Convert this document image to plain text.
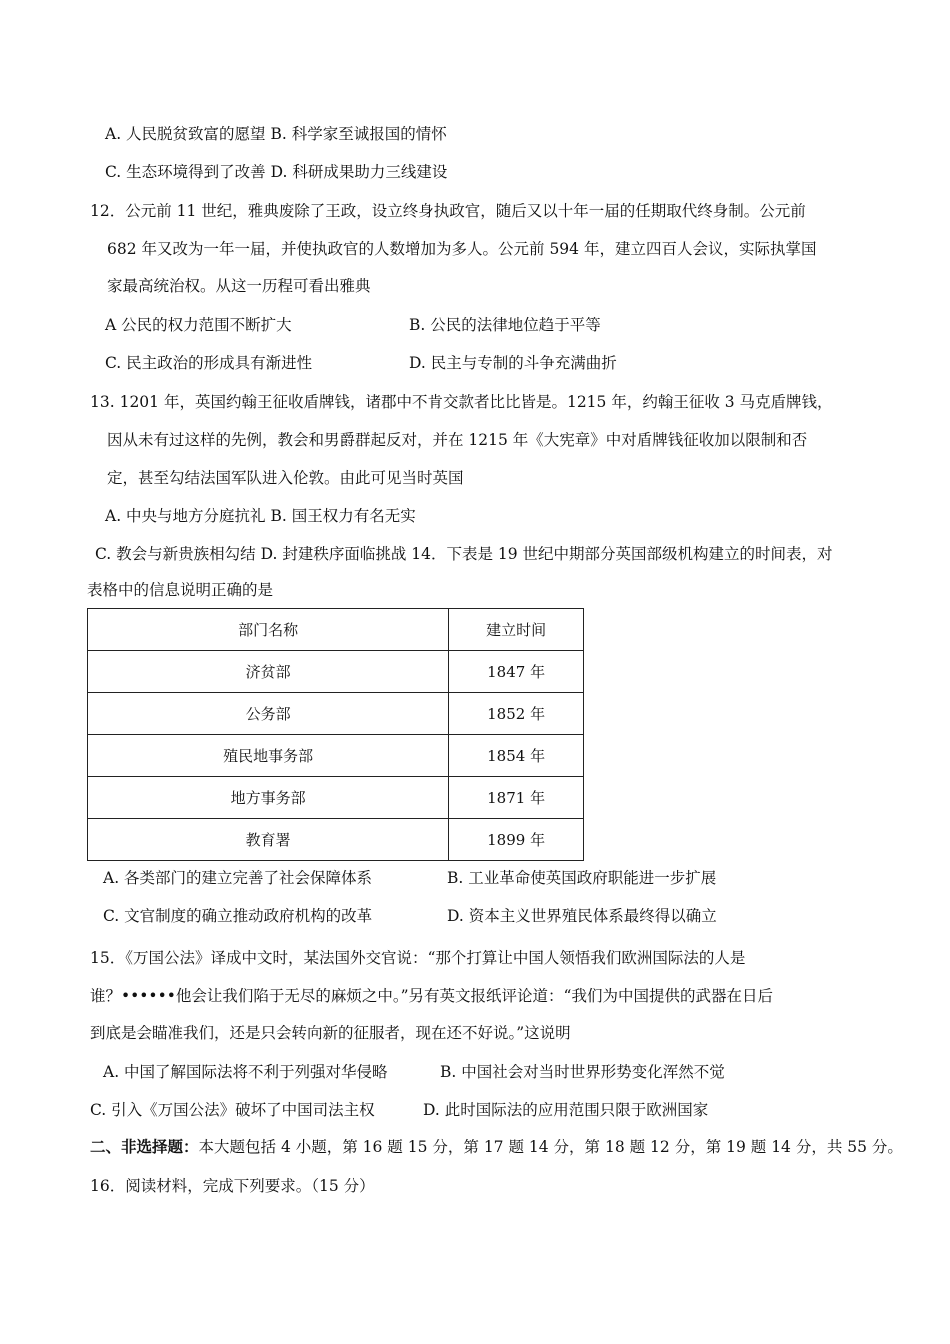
A. 人民脱贫致富的愿望 B. 科学家至诚报国的情怀
C. 生态环境得到了改善 D. 科研成果助力三线建设
12．公元前 11 世纪，雅典废除了王政，设立终身执政官，随后又以十年一届的任期取代终身制。公元前
682 年又改为一年一届，并使执政官的人数增加为多人。公元前 594 年，建立四百人会议，实际执掌国
家最高统治权。从这一历程可看出雅典
A 公民的权力范围不断扩大	B. 公民的法律地位趋于平等
C. 民主政治的形成具有渐进性	D. 民主与专制的斗争充满曲折
13. 1201 年，英国约翰王征收盾牌钱，诸郡中不肯交款者比比皆是。1215 年，约翰王征收 3 马克盾牌钱，
因从未有过这样的先例，教会和男爵群起反对，并在 1215 年《大宪章》中对盾牌钱征收加以限制和否
定，甚至勾结法国军队进入伦敦。由此可见当时英国
A. 中央与地方分庭抗礼 B. 国王权力有名无实
C. 教会与新贵族相勾结 D. 封建秩序面临挑战 14．下表是 19 世纪中期部分英国部级机构建立的时间表，对
表格中的信息说明正确的是
部门名称	建立时间
济贫部	1847 年
公务部	1852 年
殖民地事务部	1854 年
地方事务部	1871 年
教育署	1899 年
A. 各类部门的建立完善了社会保障体系	B. 工业革命使英国政府职能进一步扩展
C. 文官制度的确立推动政府机构的改革	D. 资本主义世界殖民体系最终得以确立
15．《万国公法》译成中文时，某法国外交官说：“那个打算让中国人领悟我们欧洲国际法的人是
谁？••••••他会让我们陷于无尽的麻烦之中。”另有英文报纸评论道：“我们为中国提供的武器在日后
到底是会瞄准我们，还是只会转向新的征服者，现在还不好说。”这说明
A. 中国了解国际法将不利于列强对华侵略	B. 中国社会对当时世界形势变化浑然不觉
C. 引入《万国公法》破坏了中国司法主权	D. 此时国际法的应用范围只限于欧洲国家
二、非选择题：本大题包括 4 小题，第 16 题 15 分，第 17 题 14 分，第 18 题 12 分，第 19 题 14 分，共 55 分。
16．阅读材料，完成下列要求。（15 分）
